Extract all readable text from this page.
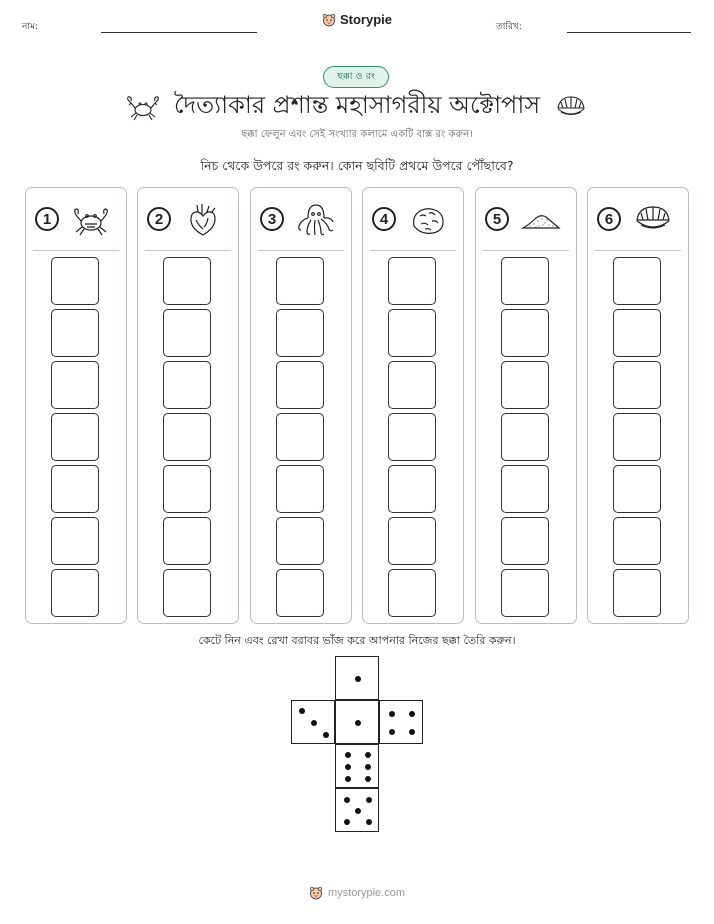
নাম:	Storypie	তারিখ:
ছক্কা ও রং
দৈত্যাকার প্রশান্ত মহাসাগরীয় অক্টোপাস
ছক্কা ফেলুন এবং সেই সংখ্যার কলামে একটি বাক্স রং করুন।
নিচ থেকে উপরে রং করুন। কোন ছবিটি প্রথমে উপরে পৌঁছাবে?
1	2	3	4	5	6
কেটে নিন এবং রেখা বরাবর ভাঁজ করে আপনার নিজের ছক্কা তৈরি করুন।
mystorypie.com
